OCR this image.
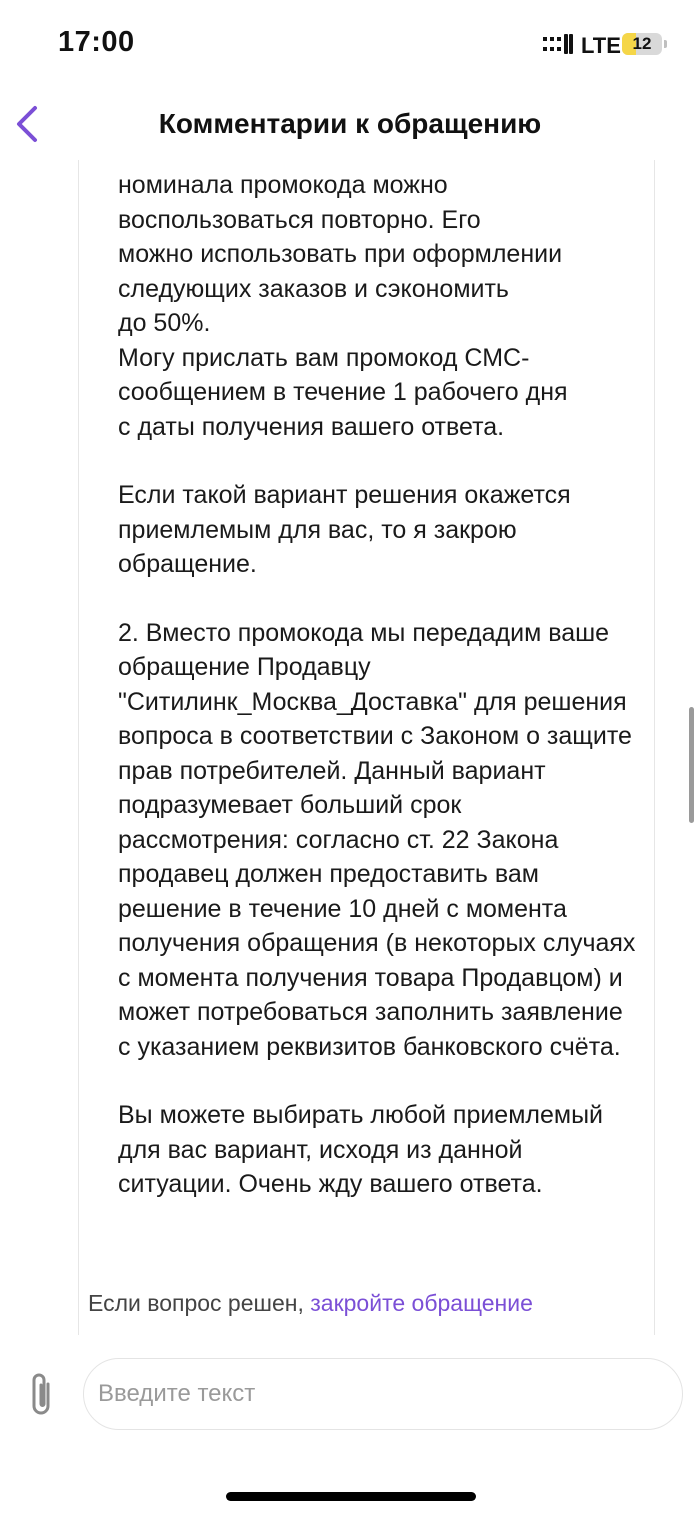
17:00	LTE 12
Комментарии к обращению

номинала промокода можно
воспользоваться повторно. Его
можно использовать при оформлении
следующих заказов и сэкономить
до 50%.
Могу прислать вам промокод СМС-
сообщением в течение 1 рабочего дня
с даты получения вашего ответа.

Если такой вариант решения окажется приемлемым для вас, то я закрою обращение.

2. Вместо промокода мы передадим ваше обращение Продавцу "Ситилинк_Москва_Доставка" для решения вопроса в соответствии с Законом о защите прав потребителей. Данный вариант подразумевает больший срок рассмотрения: согласно ст. 22 Закона продавец должен предоставить вам решение в течение 10 дней с момента получения обращения (в некоторых случаях с момента получения товара Продавцом) и может потребоваться заполнить заявление с указанием реквизитов банковского счёта.

Вы можете выбирать любой приемлемый для вас вариант, исходя из данной ситуации. Очень жду вашего ответа.

Если вопрос решен, закройте обращение
Введите текст
